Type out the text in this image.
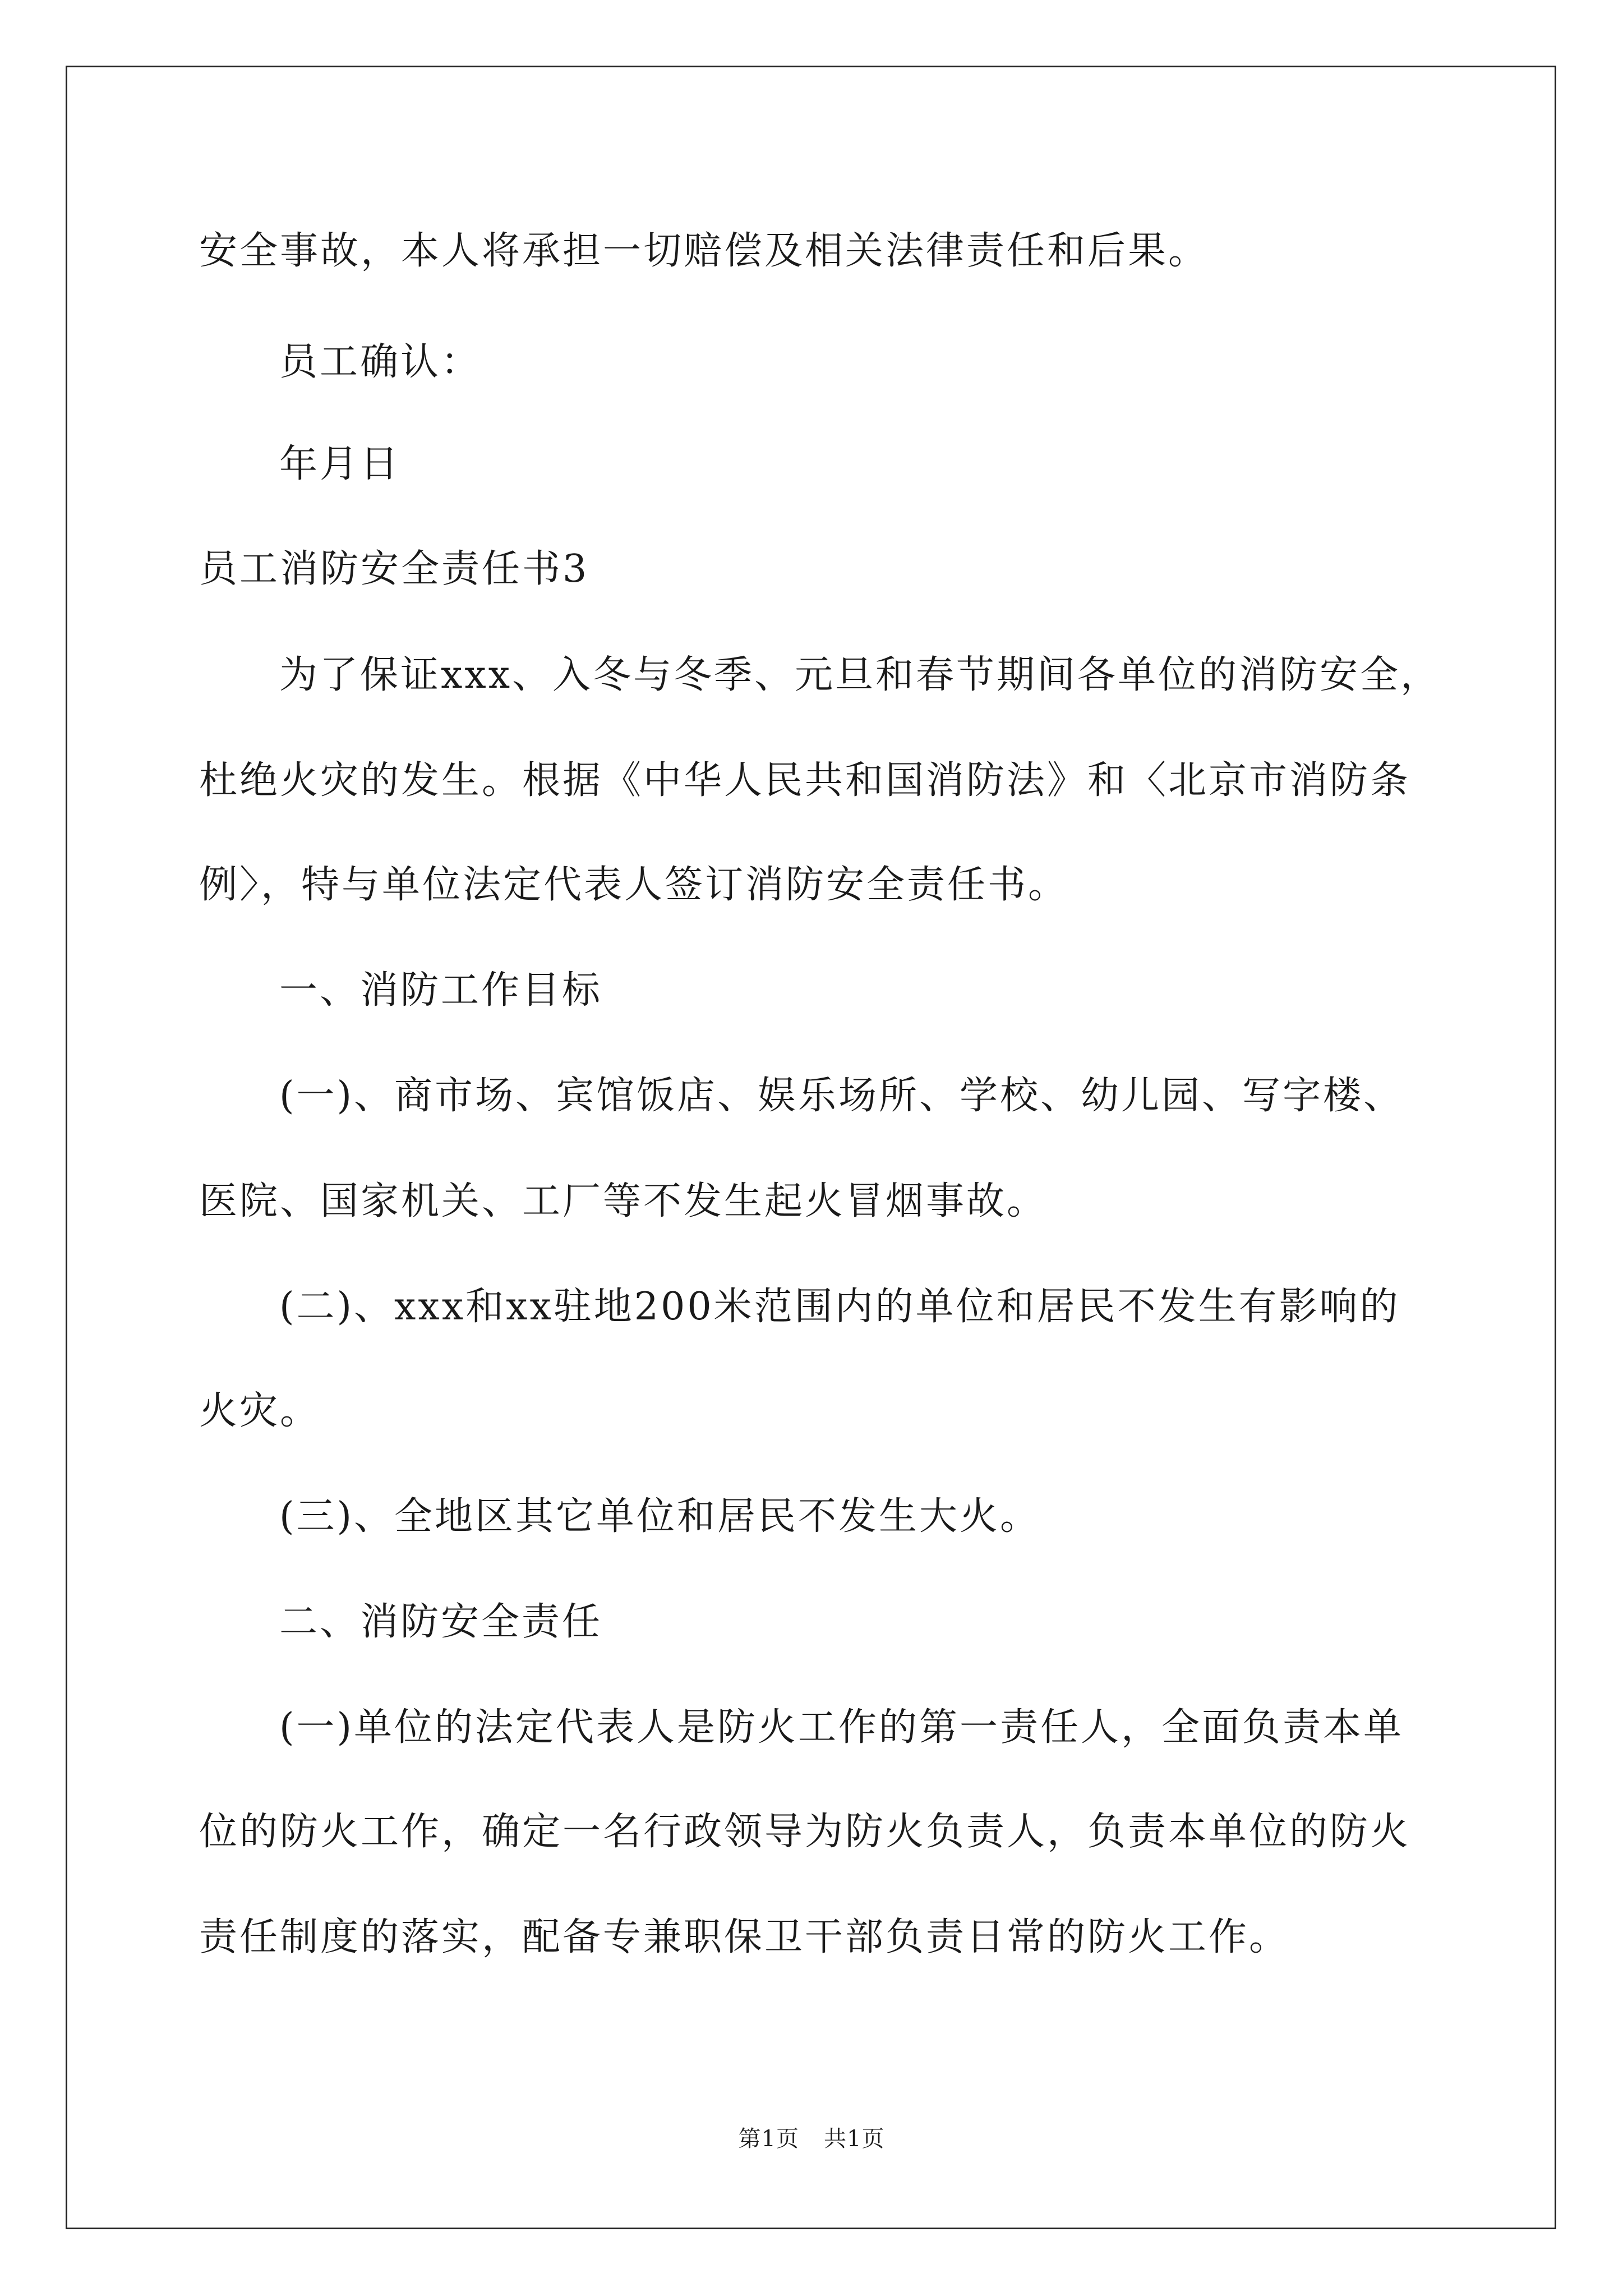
安全事故，本人将承担一切赔偿及相关法律责任和后果。
员工确认：
年月日
员工消防安全责任书3
为了保证xxx、入冬与冬季、元旦和春节期间各单位的消防安全，
杜绝火灾的发生。根据《中华人民共和国消防法》和〈北京市消防条
例〉，特与单位法定代表人签订消防安全责任书。
一、消防工作目标
(一)、商市场、宾馆饭店、娱乐场所、学校、幼儿园、写字楼、
医院、国家机关、工厂等不发生起火冒烟事故。
(二)、xxx和xx驻地200米范围内的单位和居民不发生有影响的
火灾。
(三)、全地区其它单位和居民不发生大火。
二、消防安全责任
(一)单位的法定代表人是防火工作的第一责任人，全面负责本单
位的防火工作，确定一名行政领导为防火负责人，负责本单位的防火
责任制度的落实，配备专兼职保卫干部负责日常的防火工作。
第1页 共1页
